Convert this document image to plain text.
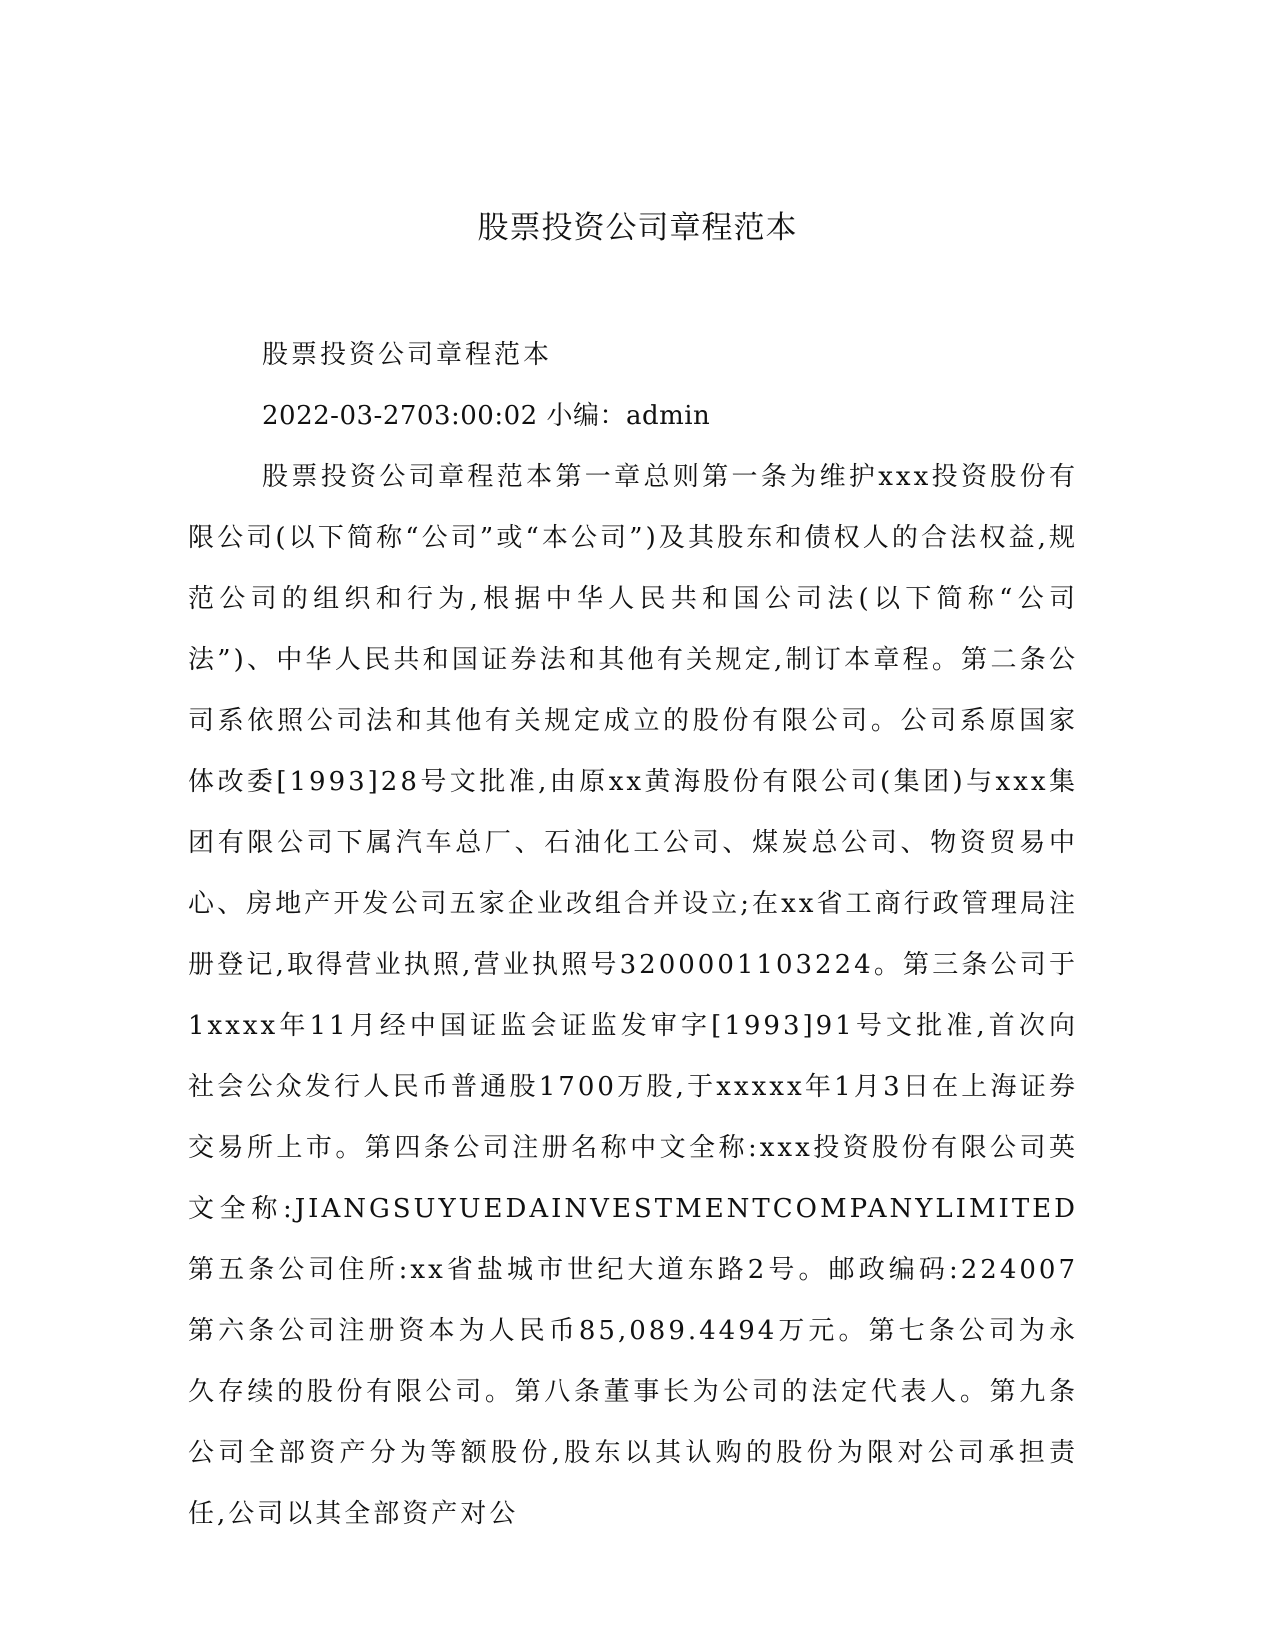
股票投资公司章程范本

股票投资公司章程范本

2022-03-2703:00:02 小编：admin

股票投资公司章程范本第一章总则第一条为维护xxx投资股份有限公司(以下简称“公司”或“本公司”)及其股东和债权人的合法权益,规范公司的组织和行为,根据中华人民共和国公司法(以下简称“公司法”)、中华人民共和国证券法和其他有关规定,制订本章程。第二条公司系依照公司法和其他有关规定成立的股份有限公司。公司系原国家体改委[1993]28号文批准,由原xx黄海股份有限公司(集团)与xxx集团有限公司下属汽车总厂、石油化工公司、煤炭总公司、物资贸易中心、房地产开发公司五家企业改组合并设立;在xx省工商行政管理局注册登记,取得营业执照,营业执照号3200001103224。第三条公司于1xxxx年11月经中国证监会证监发审字[1993]91号文批准,首次向社会公众发行人民币普通股1700万股,于xxxxx年1月3日在上海证券交易所上市。第四条公司注册名称中文全称:xxx投资股份有限公司英文全称:JIANGSUYUEDAINVESTMENTCOMPANYLIMITED第五条公司住所:xx省盐城市世纪大道东路2号。邮政编码:224007第六条公司注册资本为人民币85,089.4494万元。第七条公司为永久存续的股份有限公司。第八条董事长为公司的法定代表人。第九条公司全部资产分为等额股份,股东以其认购的股份为限对公司承担责任,公司以其全部资产对公
